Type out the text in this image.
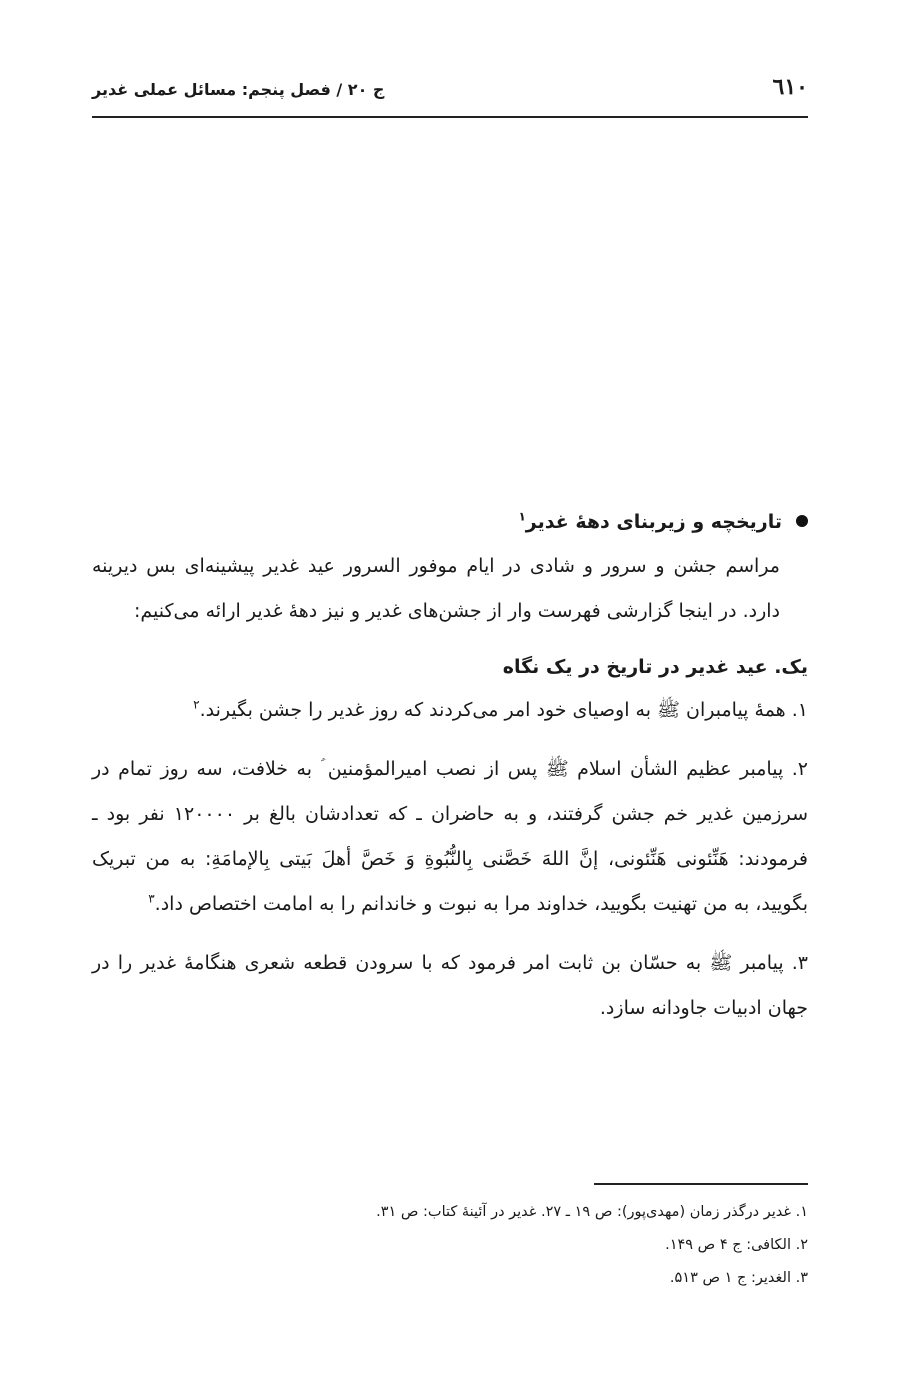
٦١٠
ج ٢٠ / فصل پنجم: مسائل عملی غدیر

تاریخچه و زیربنای دهۀ غدیر$^١$

مراسم جشن و سرور و شادی در ایام موفور السرور عید غدیر پیشینه‌ای بس دیرینه دارد. در اینجا گزارشی فهرست وار از جشن‌های غدیر و نیز دهۀ غدیر ارائه می‌کنیم:

یک. عید غدیر در تاریخ در یک نگاه

١. همۀ پیامبران ﷺ به اوصیای خود امر می‌کردند که روز غدیر را جشن بگیرند.$^٢$

٢. پیامبر عظیم الشأن اسلام ﷺ پس از نصب امیرالمؤمنین ؑ به خلافت، سه روز تمام در سرزمین غدیر خم جشن گرفتند، و به حاضران ـ که تعدادشان بالغ بر ١٢٠٠٠٠ نفر بود ـ فرمودند: هَنِّئونی هَنِّئونی، إنَّ اللهَ خَصَّنی بِالنُّبُوةِ وَ خَصَّ أهلَ بَیتی بِالإمامَةِ: به من تبریک بگویید، به من تهنیت بگویید، خداوند مرا به نبوت و خاندانم را به امامت اختصاص داد.$^٣$

٣. پیامبر ﷺ به حسّان بن ثابت امر فرمود که با سرودن قطعه شعری هنگامۀ غدیر را در جهان ادبیات جاودانه سازد.

١. غدیر درگذر زمان (مهدی‌پور): ص ١٩ ـ ٢٧. غدیر در آئینۀ کتاب: ص ٣١.

٢. الکافی: ج ۴ ص ١۴٩.

٣. الغدیر: ج ١ ص ۵١٣.
